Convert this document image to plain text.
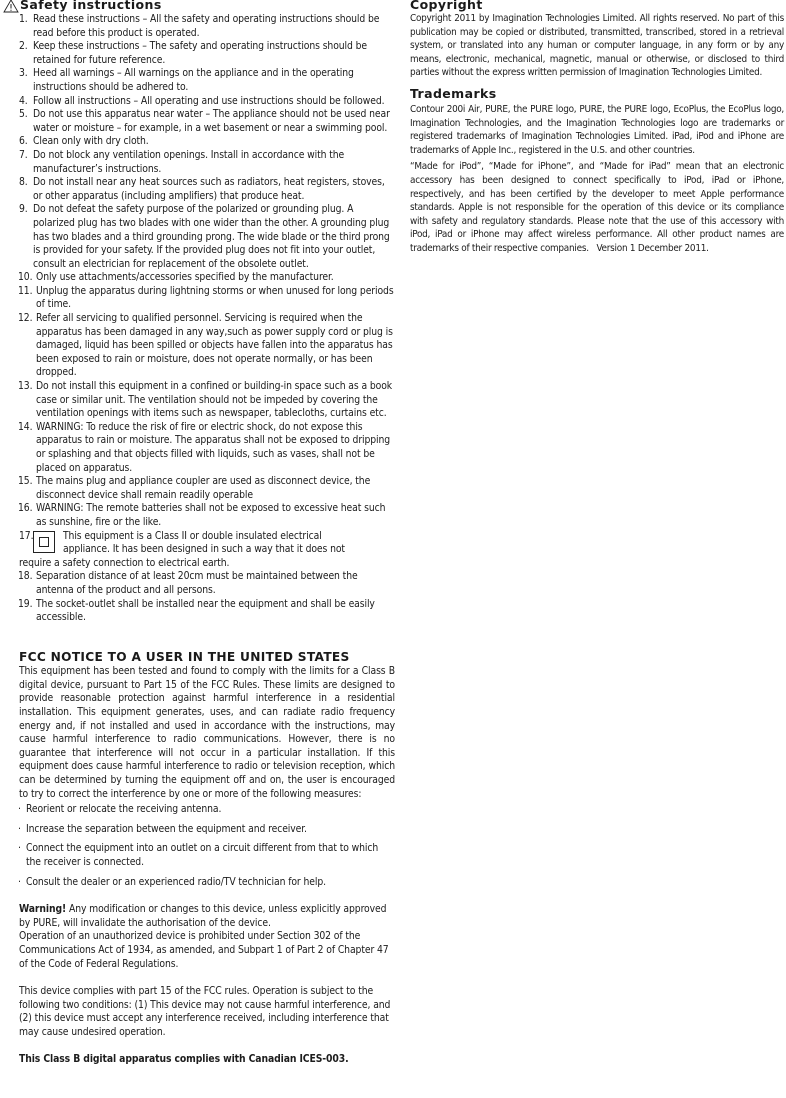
Safety instructions
1. Read these instructions – All the safety and operating instructions should be read before this product is operated.
2. Keep these instructions – The safety and operating instructions should be retained for future reference.
3. Heed all warnings – All warnings on the appliance and in the operating instructions should be adhered to.
4. Follow all instructions – All operating and use instructions should be followed.
5. Do not use this apparatus near water – The appliance should not be used near water or moisture – for example, in a wet basement or near a swimming pool.
6. Clean only with dry cloth.
7. Do not block any ventilation openings. Install in accordance with the manufacturer’s instructions.
8. Do not install near any heat sources such as radiators, heat registers, stoves, or other apparatus (including amplifiers) that produce heat.
9. Do not defeat the safety purpose of the polarized or grounding plug. A polarized plug has two blades with one wider than the other. A grounding plug has two blades and a third grounding prong. The wide blade or the third prong is provided for your safety. If the provided plug does not fit into your outlet, consult an electrician for replacement of the obsolete outlet.
10. Only use attachments/accessories specified by the manufacturer.
11. Unplug the apparatus during lightning storms or when unused for long periods of time.
12. Refer all servicing to qualified personnel. Servicing is required when the apparatus has been damaged in any way,such as power supply cord or plug is damaged, liquid has been spilled or objects have fallen into the apparatus has been exposed to rain or moisture, does not operate normally, or has been dropped.
13. Do not install this equipment in a confined or building-in space such as a book case or similar unit. The ventilation should not be impeded by covering the ventilation openings with items such as newspaper, tablecloths, curtains etc.
14. WARNING: To reduce the risk of fire or electric shock, do not expose this apparatus to rain or moisture. The apparatus shall not be exposed to dripping or splashing and that objects filled with liquids, such as vases, shall not be placed on apparatus.
15. The mains plug and appliance coupler are used as disconnect device, the disconnect device shall remain readily operable
16. WARNING: The remote batteries shall not be exposed to excessive heat such as sunshine, fire or the like.
17.	This equipment is a Class II or double insulated electrical
appliance. It has been designed in such a way that it does not
require a safety connection to electrical earth.
18. Separation distance of at least 20cm must be maintained between the antenna of the product and all persons.
19. The socket-outlet shall be installed near the equipment and shall be easily accessible.
FCC NOTICE TO A USER IN THE UNITED STATES

This equipment has been tested and found to comply with the limits for a Class B digital device, pursuant to Part 15 of the FCC Rules. These limits are designed to provide reasonable protection against harmful interference in a residential installation. This equipment generates, uses, and can radiate radio frequency energy and, if not installed and used in accordance with the instructions, may cause harmful interference to radio communications. However, there is no guarantee that interference will not occur in a particular installation. If this equipment does cause harmful interference to radio or television reception, which can be determined by turning the equipment off and on, the user is encouraged to try to correct the interference by one or more of the following measures:

· Reorient or relocate the receiving antenna.
· Increase the separation between the equipment and receiver.
· Connect the equipment into an outlet on a circuit different from that to which the receiver is connected.
· Consult the dealer or an experienced radio/TV technician for help.
Warning! Any modification or changes to this device, unless explicitly approved by PURE, will invalidate the authorisation of the device.
Operation of an unauthorized device is prohibited under Section 302 of the Communications Act of 1934, as amended, and Subpart 1 of Part 2 of Chapter 47 of the Code of Federal Regulations.
This device complies with part 15 of the FCC rules. Operation is subject to the following two conditions: (1) This device may not cause harmful interference, and (2) this device must accept any interference received, including interference that may cause undesired operation.
This Class B digital apparatus complies with Canadian ICES-003.
Copyright

Copyright 2011 by Imagination Technologies Limited. All rights reserved. No part of this publication may be copied or distributed, transmitted, transcribed, stored in a retrieval system, or translated into any human or computer language, in any form or by any means, electronic, mechanical, magnetic, manual or otherwise, or disclosed to third parties without the express written permission of Imagination Technologies Limited.

Trademarks

Contour 200i Air, PURE, the PURE logo, PURE, the PURE logo, EcoPlus, the EcoPlus logo, Imagination Technologies, and the Imagination Technologies logo are trademarks or registered trademarks of Imagination Technologies Limited. iPad, iPod and iPhone are trademarks of Apple Inc., registered in the U.S. and other countries.

“Made for iPod”, “Made for iPhone”, and “Made for iPad” mean that an electronic accessory has been designed to connect specifically to iPod, iPad or iPhone, respectively, and has been certified by the developer to meet Apple performance standards. Apple is not responsible for the operation of this device or its compliance with safety and regulatory standards. Please note that the use of this accessory with iPod, iPad or iPhone may affect wireless performance. All other product names are trademarks of their respective companies. Version 1 December 2011.
